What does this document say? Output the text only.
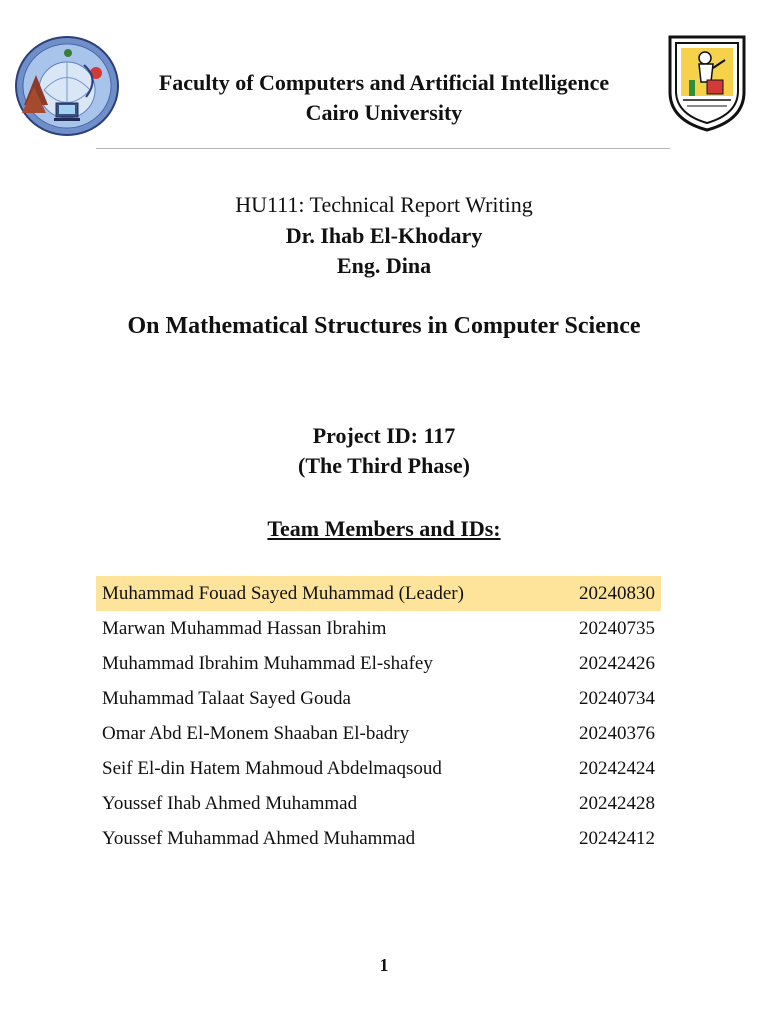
Faculty of Computers and Artificial Intelligence
Cairo University
HU111: Technical Report Writing
Dr. Ihab El-Khodary
Eng. Dina
On Mathematical Structures in Computer Science
Project ID: 117
(The Third Phase)
Team Members and IDs:
Muhammad Fouad Sayed Muhammad (Leader)	20240830
Marwan Muhammad Hassan Ibrahim	20240735
Muhammad Ibrahim Muhammad El-shafey	20242426
Muhammad Talaat Sayed Gouda	20240734
Omar Abd El-Monem Shaaban El-badry	20240376
Seif El-din Hatem Mahmoud Abdelmaqsoud	20242424
Youssef Ihab Ahmed Muhammad	20242428
Youssef Muhammad Ahmed Muhammad	20242412
1
